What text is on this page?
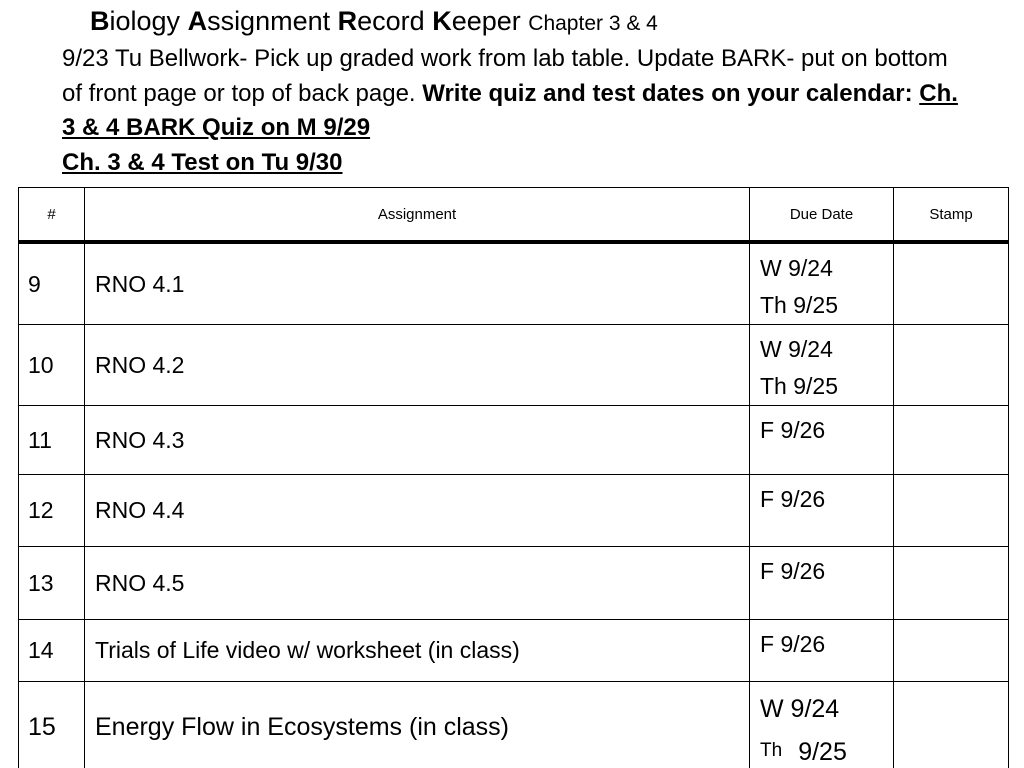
Biology Assignment Record Keeper Chapter 3 & 4
9/23 Tu Bellwork- Pick up graded work from lab table. Update BARK- put on bottom of front page or top of back page. Write quiz and test dates on your calendar: Ch. 3 & 4 BARK Quiz on M 9/29
Ch. 3 & 4 Test on Tu 9/30
#	Assignment	Due Date	Stamp
9	RNO 4.1	W 9/24
Th 9/25	

10	RNO 4.2	W 9/24
Th 9/25	

11	RNO 4.3	F 9/26	

12	RNO 4.4	F 9/26	

13	RNO 4.5	F 9/26	

14	Trials of Life video w/ worksheet (in class)	F 9/26	

15	Energy Flow in Ecosystems (in class)	W 9/24
Th 9/25	
